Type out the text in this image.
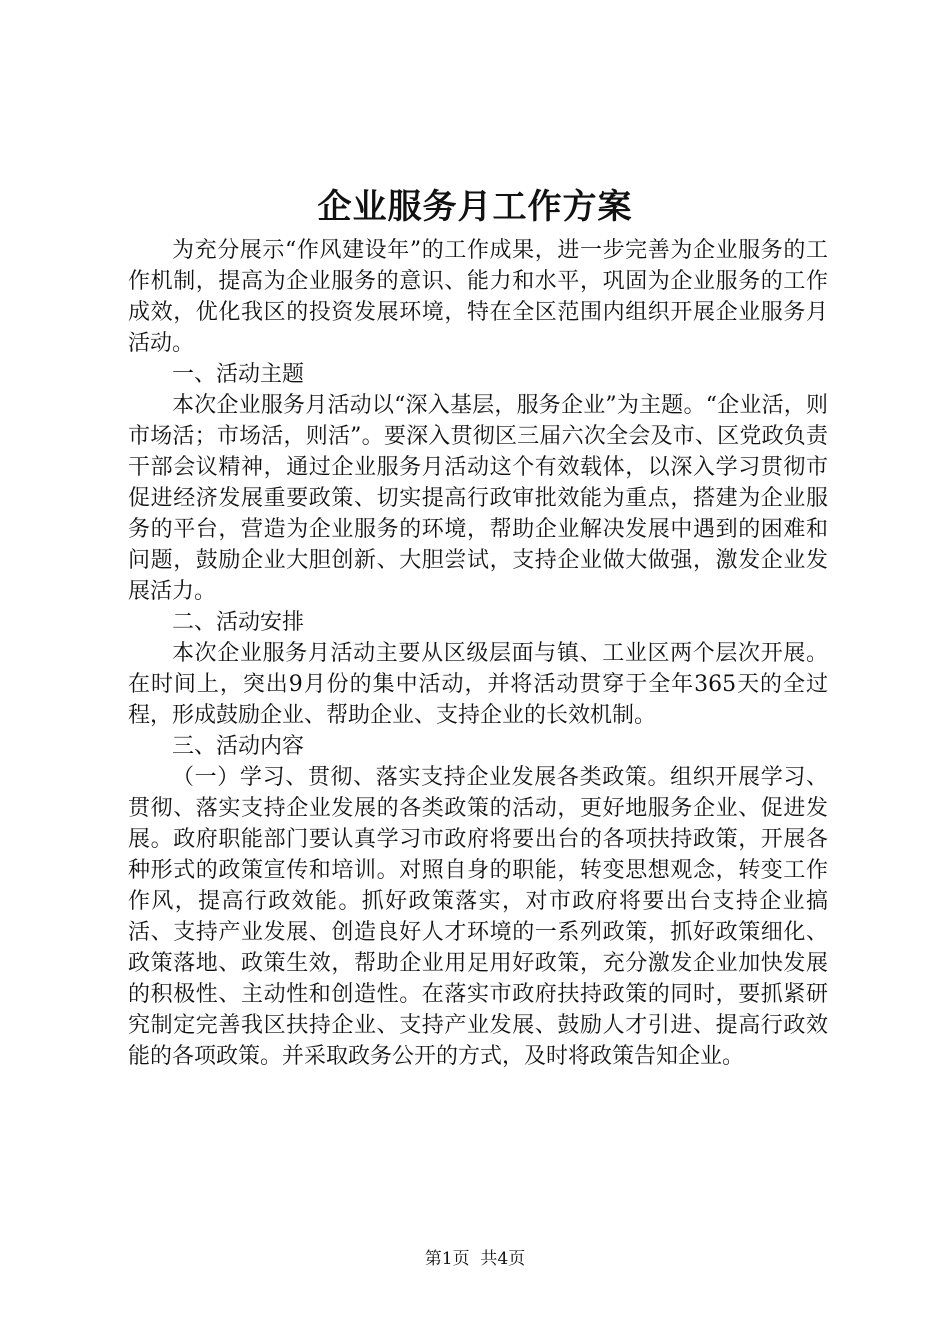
企业服务月工作方案

为充分展示“作风建设年”的工作成果，进一步完善为企业服务的工作机制，提高为企业服务的意识、能力和水平，巩固为企业服务的工作成效，优化我区的投资发展环境，特在全区范围内组织开展企业服务月活动。

一、活动主题

本次企业服务月活动以“深入基层，服务企业”为主题。“企业活，则市场活；市场活，则活”。要深入贯彻区三届六次全会及市、区党政负责干部会议精神，通过企业服务月活动这个有效载体，以深入学习贯彻市促进经济发展重要政策、切实提高行政审批效能为重点，搭建为企业服务的平台，营造为企业服务的环境，帮助企业解决发展中遇到的困难和问题，鼓励企业大胆创新、大胆尝试，支持企业做大做强，激发企业发展活力。

二、活动安排

本次企业服务月活动主要从区级层面与镇、工业区两个层次开展。在时间上，突出9月份的集中活动，并将活动贯穿于全年365天的全过程，形成鼓励企业、帮助企业、支持企业的长效机制。

三、活动内容

（一）学习、贯彻、落实支持企业发展各类政策。组织开展学习、贯彻、落实支持企业发展的各类政策的活动，更好地服务企业、促进发展。政府职能部门要认真学习市政府将要出台的各项扶持政策，开展各种形式的政策宣传和培训。对照自身的职能，转变思想观念，转变工作作风，提高行政效能。抓好政策落实，对市政府将要出台支持企业搞活、支持产业发展、创造良好人才环境的一系列政策，抓好政策细化、政策落地、政策生效，帮助企业用足用好政策，充分激发企业加快发展的积极性、主动性和创造性。在落实市政府扶持政策的同时，要抓紧研究制定完善我区扶持企业、支持产业发展、鼓励人才引进、提高行政效能的各项政策。并采取政务公开的方式，及时将政策告知企业。

第1页 共4页
